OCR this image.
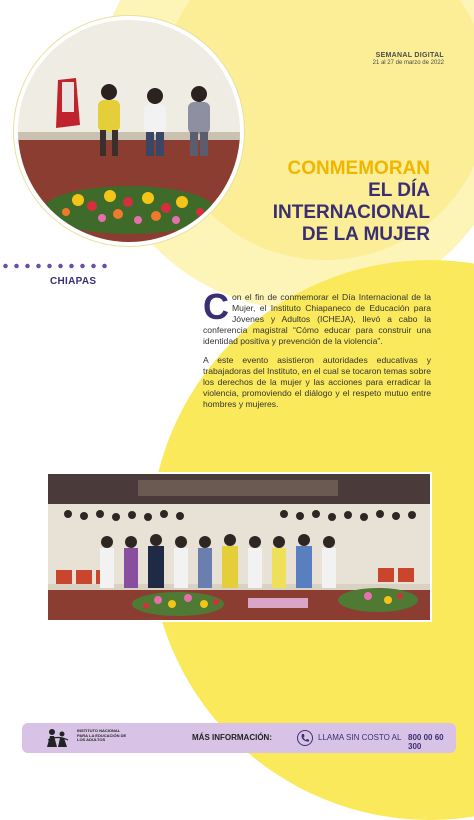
SEMANAL DIGITAL
21 al 27 de marzo de 2022
CONMEMORAN
EL DÍA
INTERNACIONAL
DE LA MUJER
CHIAPAS

Con el fin de conmemorar el Día Internacional de la Mujer, el Instituto Chiapaneco de Educación para Jóvenes y Adultos (ICHEJA), llevó a cabo la conferencia magistral “Cómo educar para construir una identidad positiva y prevención de la violencia”.

A este evento asistieron autoridades educativas y trabajadoras del Instituto, en el cual se tocaron temas sobre los derechos de la mujer y las acciones para erradicar la violencia, promoviendo el diálogo y el respeto mutuo entre hombres y mujeres.

INSTITUTO NACIONAL PARA LA EDUCACIÓN DE LOS ADULTOS	MÁS INFORMACIÓN:	LLAMA SIN COSTO AL 800 00 60 300
